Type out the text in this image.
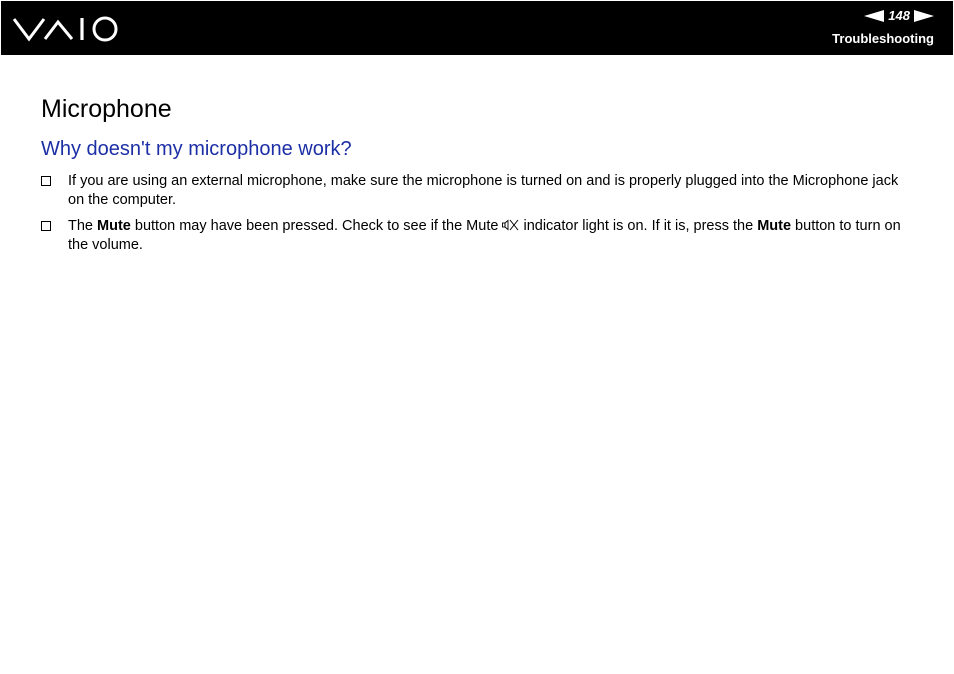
148
Troubleshooting
Microphone
Why doesn't my microphone work?
If you are using an external microphone, make sure the microphone is turned on and is properly plugged into the Microphone jack on the computer.
The Mute button may have been pressed. Check to see if the Mute  indicator light is on. If it is, press the Mute button to turn on the volume.
